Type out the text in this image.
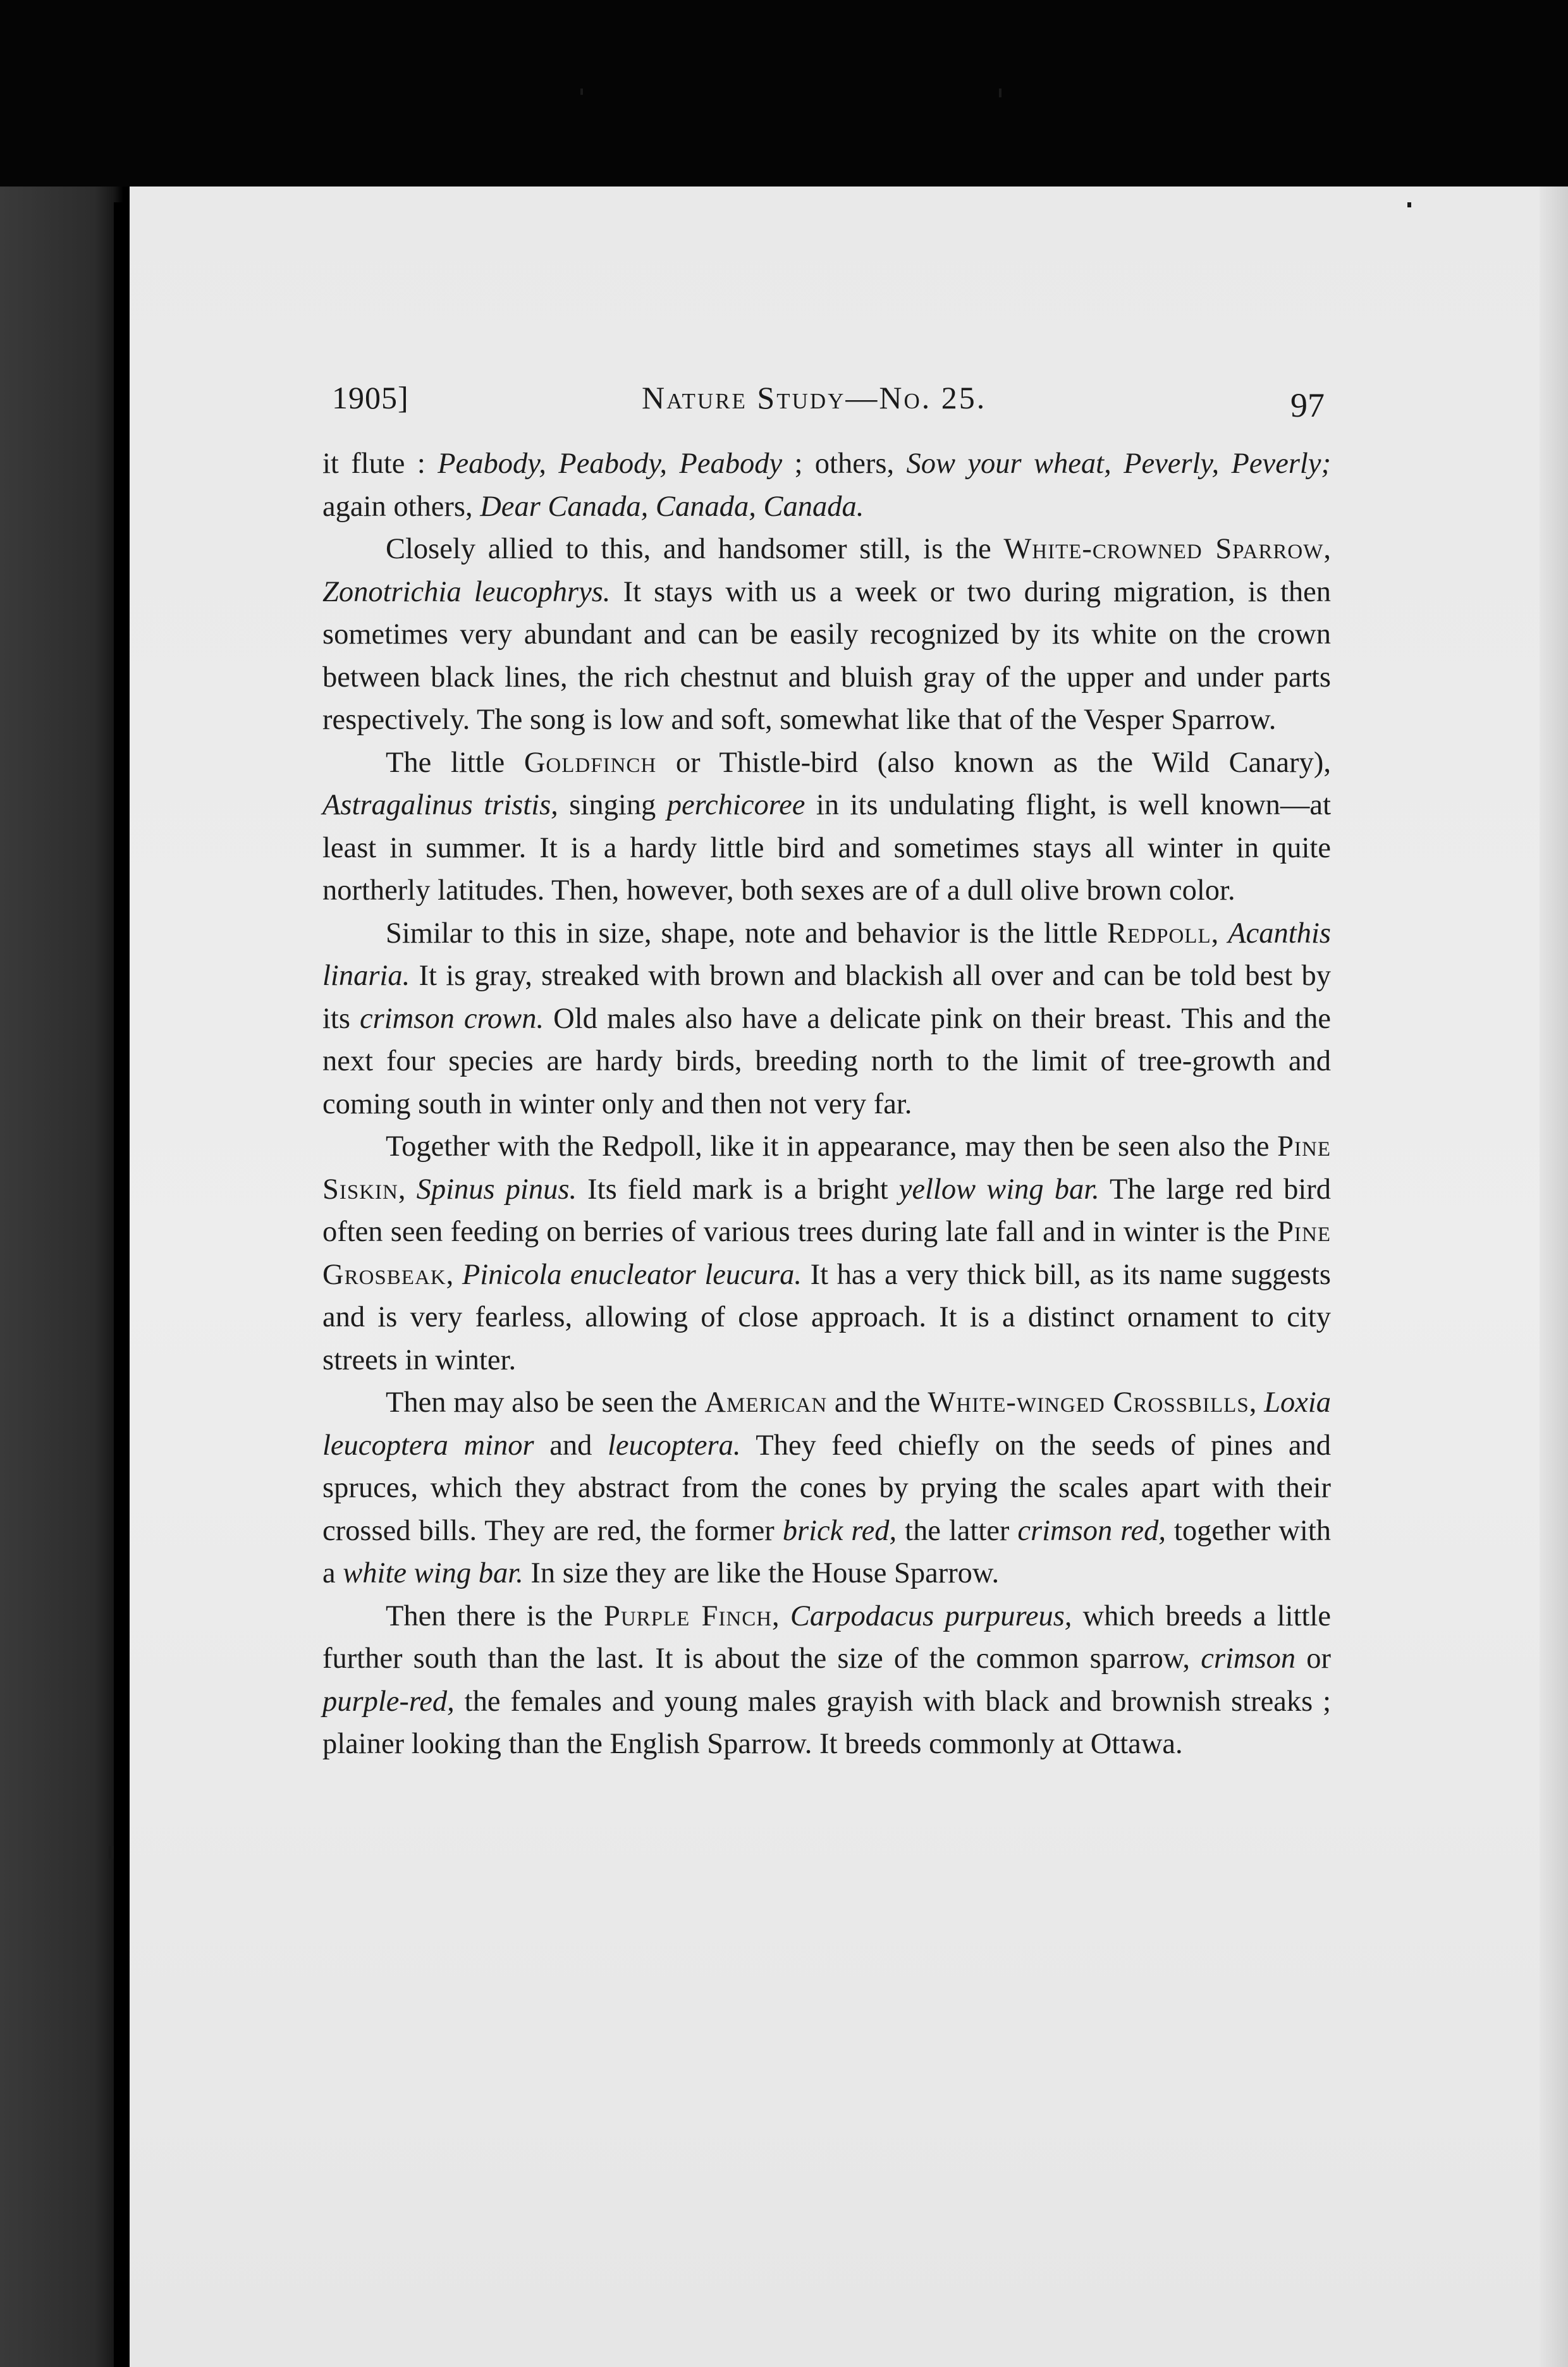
1905]	Nature Study—No. 25.	97

it flute : Peabody, Peabody, Peabody ; others, Sow your wheat, Peverly, Peverly; again others, Dear Canada, Canada, Canada.

Closely allied to this, and handsomer still, is the White-crowned Sparrow, Zonotrichia leucophrys. It stays with us a week or two during migration, is then sometimes very abundant and can be easily recognized by its white on the crown between black lines, the rich chestnut and bluish gray of the upper and under parts respectively. The song is low and soft, somewhat like that of the Vesper Sparrow.

The little Goldfinch or Thistle-bird (also known as the Wild Canary), Astragalinus tristis, singing perchicoree in its undulating flight, is well known—at least in summer. It is a hardy little bird and sometimes stays all winter in quite northerly latitudes. Then, however, both sexes are of a dull olive brown color.

Similar to this in size, shape, note and behavior is the little Redpoll, Acanthis linaria. It is gray, streaked with brown and blackish all over and can be told best by its crimson crown. Old males also have a delicate pink on their breast. This and the next four species are hardy birds, breeding north to the limit of tree-growth and coming south in winter only and then not very far.

Together with the Redpoll, like it in appearance, may then be seen also the Pine Siskin, Spinus pinus. Its field mark is a bright yellow wing bar. The large red bird often seen feeding on berries of various trees during late fall and in winter is the Pine Grosbeak, Pinicola enucleator leucura. It has a very thick bill, as its name suggests and is very fearless, allowing of close approach. It is a distinct ornament to city streets in winter.

Then may also be seen the American and the White-winged Crossbills, Loxia leucoptera minor and leucoptera. They feed chiefly on the seeds of pines and spruces, which they abstract from the cones by prying the scales apart with their crossed bills. They are red, the former brick red, the latter crimson red, together with a white wing bar. In size they are like the House Sparrow.

Then there is the Purple Finch, Carpodacus purpureus, which breeds a little further south than the last. It is about the size of the common sparrow, crimson or purple-red, the females and young males grayish with black and brownish streaks ; plainer looking than the English Sparrow. It breeds commonly at Ottawa.
